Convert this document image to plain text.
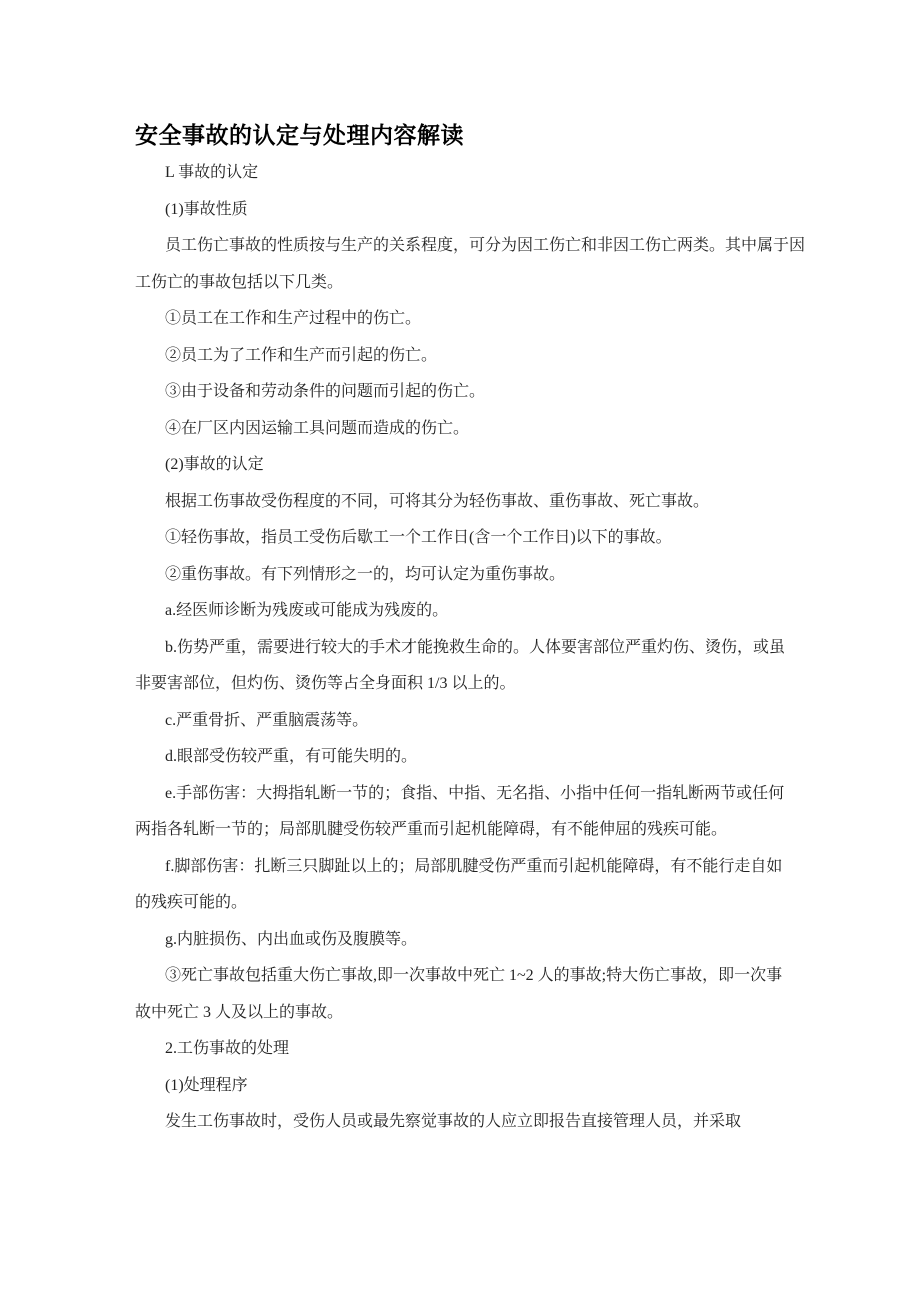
安全事故的认定与处理内容解读
L 事故的认定
(1)事故性质
员工伤亡事故的性质按与生产的关系程度，可分为因工伤亡和非因工伤亡两类。其中属于因
工伤亡的事故包括以下几类。
①员工在工作和生产过程中的伤亡。
②员工为了工作和生产而引起的伤亡。
③由于设备和劳动条件的问题而引起的伤亡。
④在厂区内因运输工具问题而造成的伤亡。
(2)事故的认定
根据工伤事故受伤程度的不同，可将其分为轻伤事故、重伤事故、死亡事故。
①轻伤事故，指员工受伤后歇工一个工作日(含一个工作日)以下的事故。
②重伤事故。有下列情形之一的，均可认定为重伤事故。
a.经医师诊断为残废或可能成为残废的。
b.伤势严重，需要进行较大的手术才能挽救生命的。人体要害部位严重灼伤、烫伤，或虽
非要害部位，但灼伤、烫伤等占全身面积 1/3 以上的。
c.严重骨折、严重脑震荡等。
d.眼部受伤较严重，有可能失明的。
e.手部伤害：大拇指轧断一节的；食指、中指、无名指、小指中任何一指轧断两节或任何
两指各轧断一节的；局部肌腱受伤较严重而引起机能障碍，有不能伸屈的残疾可能。
f.脚部伤害：扎断三只脚趾以上的；局部肌腱受伤严重而引起机能障碍，有不能行走自如
的残疾可能的。
g.内脏损伤、内出血或伤及腹膜等。
③死亡事故包括重大伤亡事故,即一次事故中死亡 1~2 人的事故;特大伤亡事故，即一次事
故中死亡 3 人及以上的事故。
2.工伤事故的处理
(1)处理程序
发生工伤事故时，受伤人员或最先察觉事故的人应立即报告直接管理人员，并采取
